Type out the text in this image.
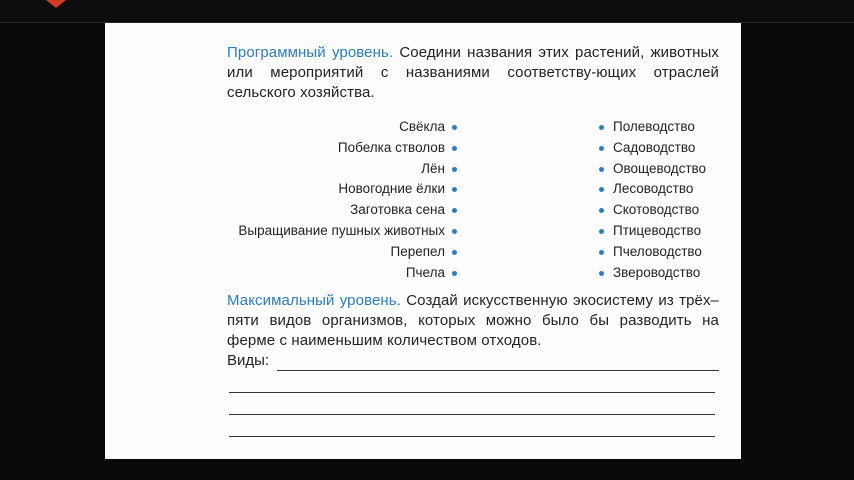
Программный уровень. Соедини названия этих растений, животных или мероприятий с названиями соответству-ющих отраслей сельского хозяйства.
Свёкла
Побелка стволов
Лён
Новогодние ёлки
Заготовка сена
Выращивание пушных животных
Перепел
Пчела
Полеводство
Садоводство
Овощеводство
Лесоводство
Скотоводство
Птицеводство
Пчеловодство
Звероводство
Максимальный уровень. Создай искусственную экосистему из трёх–пяти видов организмов, которых можно было бы разводить на ферме с наименьшим количеством отходов.
Виды:
